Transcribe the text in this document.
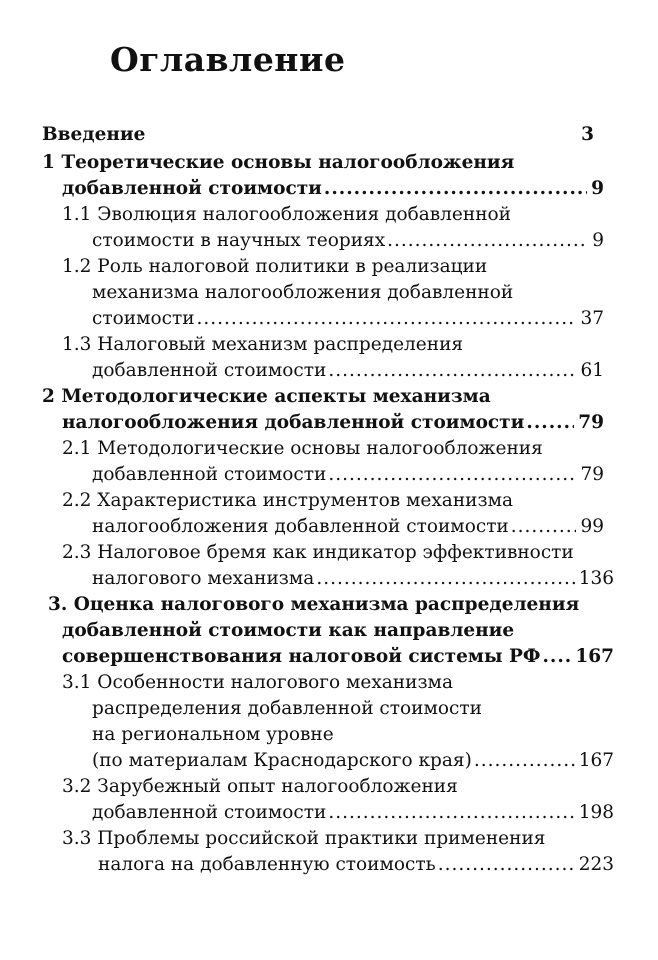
Оглавление
Введение	3
1 Теоретические основы налогообложения
добавленной стоимости .....	9
1.1 Эволюция налогообложения добавленной
стоимости в научных теориях .....	9
1.2 Роль налоговой политики в реализации
механизма налогообложения добавленной
стоимости .....	37
1.3 Налоговый механизм распределения
добавленной стоимости .....	61
2 Методологические аспекты механизма
налогообложения добавленной стоимости .....	79
2.1 Методологические основы налогообложения
добавленной стоимости .....	79
2.2 Характеристика инструментов механизма
налогообложения добавленной стоимости .....	99
2.3 Налоговое бремя как индикатор эффективности
налогового механизма .....	136
3. Оценка налогового механизма распределения
добавленной стоимости как направление
совершенствования налоговой системы РФ ..... 167
3.1 Особенности налогового механизма
распределения добавленной стоимости
на региональном уровне
(по материалам Краснодарского края) .....	167
3.2 Зарубежный опыт налогообложения
добавленной стоимости .....	198
3.3 Проблемы российской практики применения
налога на добавленную стоимость .....	223
